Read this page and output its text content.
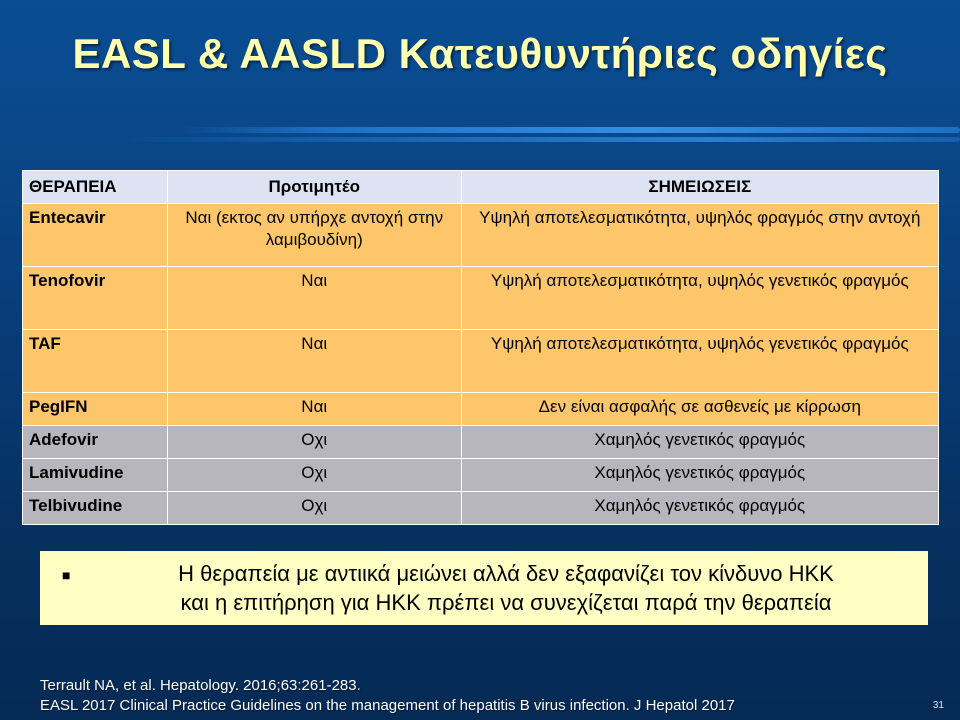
EASL & AASLD Κατευθυντήριες οδηγίες
ΘΕΡΑΠΕΙΑ	Προτιμητέο	ΣΗΜΕΙΩΣΕΙΣ
Entecavir	Ναι (εκτος αν υπήρχε αντοχή στην λαμιβουδίνη)	Υψηλή αποτελεσματικότητα, υψηλός φραγμός στην αντοχή
Tenofovir	Ναι	Υψηλή αποτελεσματικότητα, υψηλός γενετικός φραγμός
TAF	Ναι	Υψηλή αποτελεσματικότητα, υψηλός γενετικός φραγμός
PegIFN	Ναι	Δεν είναι ασφαλής σε ασθενείς με κίρρωση
Adefovir	Οχι	Χαμηλός γενετικός φραγμός
Lamivudine	Οχι	Χαμηλός γενετικός φραγμός
Telbivudine	Οχι	Χαμηλός γενετικός φραγμός
■	Η θεραπεία με αντιικά μειώνει αλλά δεν εξαφανίζει τον κίνδυνο ΗΚΚ
και η επιτήρηση για ΗΚΚ πρέπει να συνεχίζεται παρά την θεραπεία
Terrault NA, et al. Hepatology. 2016;63:261-283.
EASL 2017 Clinical Practice Guidelines on the management of hepatitis B virus infection. J Hepatol 2017	31
